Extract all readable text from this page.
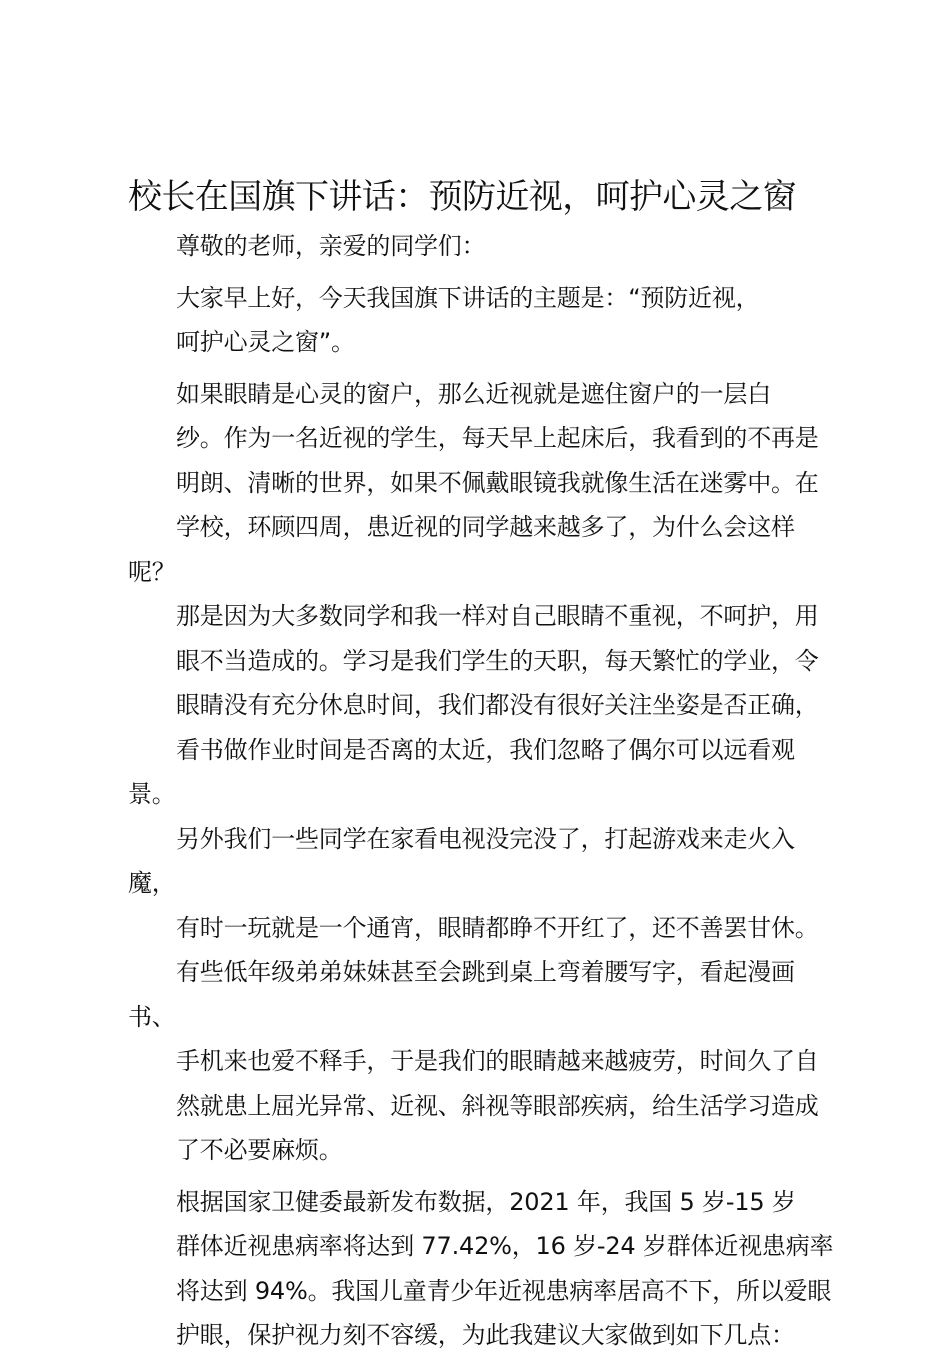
校长在国旗下讲话：预防近视，呵护心灵之窗

尊敬的老师，亲爱的同学们：

大家早上好，今天我国旗下讲话的主题是：“预防近视，
呵护心灵之窗”。

如果眼睛是心灵的窗户，那么近视就是遮住窗户的一层白
纱。作为一名近视的学生，每天早上起床后，我看到的不再是
明朗、清晰的世界，如果不佩戴眼镜我就像生活在迷雾中。在
学校，环顾四周，患近视的同学越来越多了，为什么会这样呢？
那是因为大多数同学和我一样对自己眼睛不重视，不呵护，用
眼不当造成的。学习是我们学生的天职，每天繁忙的学业，令
眼睛没有充分休息时间，我们都没有很好关注坐姿是否正确，
看书做作业时间是否离的太近，我们忽略了偶尔可以远看观景。
另外我们一些同学在家看电视没完没了，打起游戏来走火入魔，
有时一玩就是一个通宵，眼睛都睁不开红了，还不善罢甘休。
有些低年级弟弟妹妹甚至会跳到桌上弯着腰写字，看起漫画书、
手机来也爱不释手，于是我们的眼睛越来越疲劳，时间久了自
然就患上屈光异常、近视、斜视等眼部疾病，给生活学习造成
了不必要麻烦。

根据国家卫健委最新发布数据，2021 年，我国 5 岁-15 岁
群体近视患病率将达到 77.42%，16 岁-24 岁群体近视患病率
将达到 94%。我国儿童青少年近视患病率居高不下，所以爱眼
护眼，保护视力刻不容缓，为此我建议大家做到如下几点：
